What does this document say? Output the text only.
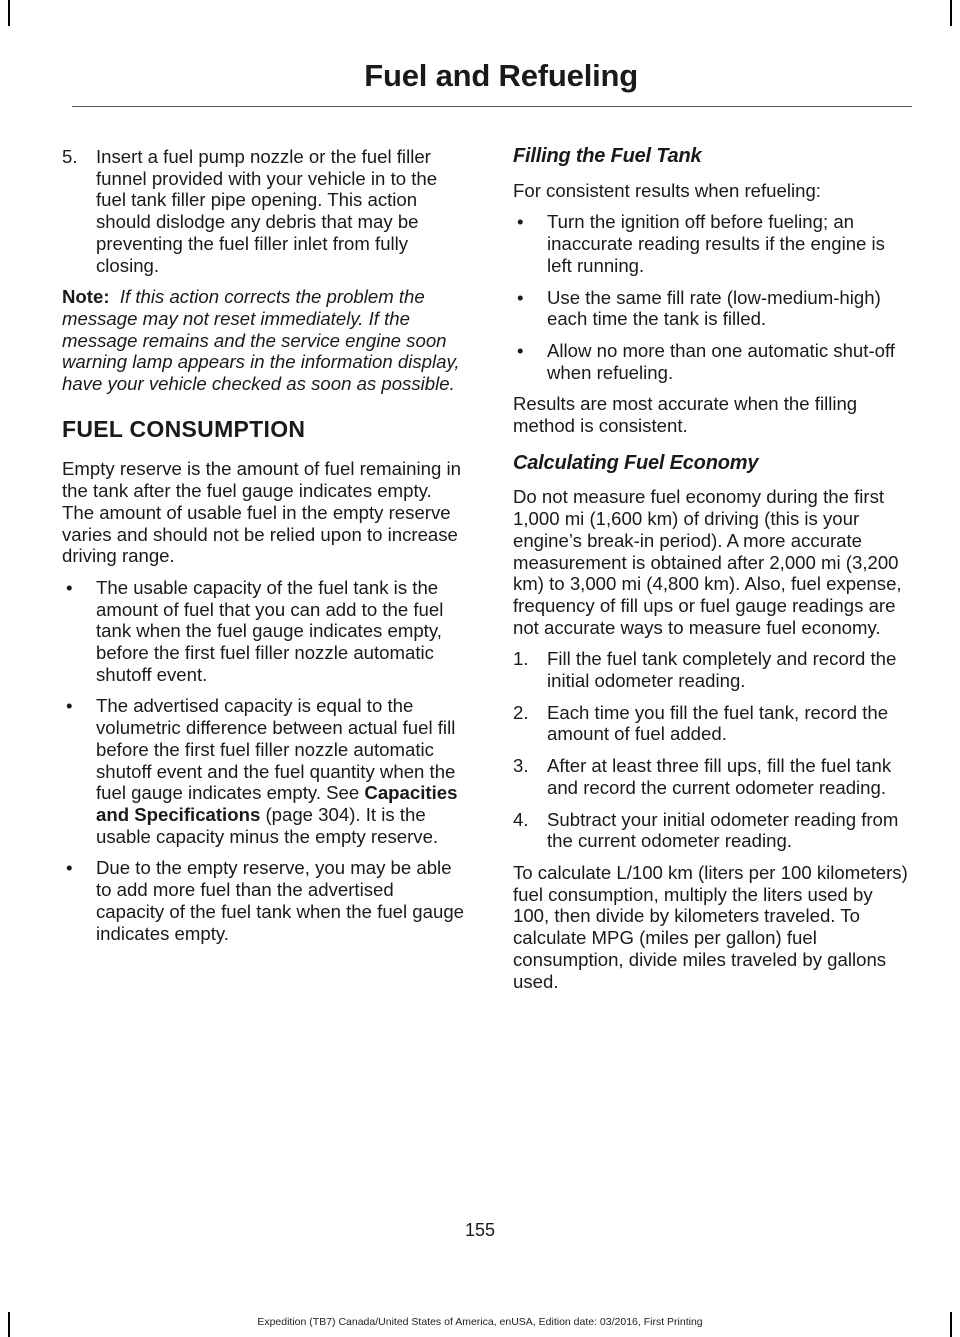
Fuel and Refueling
5. Insert a fuel pump nozzle or the fuel filler funnel provided with your vehicle in to the fuel tank filler pipe opening. This action should dislodge any debris that may be preventing the fuel filler inlet from fully closing.

Note: If this action corrects the problem the message may not reset immediately. If the message remains and the service engine soon warning lamp appears in the information display, have your vehicle checked as soon as possible.

FUEL CONSUMPTION

Empty reserve is the amount of fuel remaining in the tank after the fuel gauge indicates empty. The amount of usable fuel in the empty reserve varies and should not be relied upon to increase driving range.

• The usable capacity of the fuel tank is the amount of fuel that you can add to the fuel tank when the fuel gauge indicates empty, before the first fuel filler nozzle automatic shutoff event.
• The advertised capacity is equal to the volumetric difference between actual fuel fill before the first fuel filler nozzle automatic shutoff event and the fuel quantity when the fuel gauge indicates empty. See Capacities and Specifications (page 304). It is the usable capacity minus the empty reserve.
• Due to the empty reserve, you may be able to add more fuel than the advertised capacity of the fuel tank when the fuel gauge indicates empty.
Filling the Fuel Tank

For consistent results when refueling:

• Turn the ignition off before fueling; an inaccurate reading results if the engine is left running.
• Use the same fill rate (low-medium-high) each time the tank is filled.
• Allow no more than one automatic shut-off when refueling.

Results are most accurate when the filling method is consistent.

Calculating Fuel Economy

Do not measure fuel economy during the first 1,000 mi (1,600 km) of driving (this is your engine’s break-in period). A more accurate measurement is obtained after 2,000 mi (3,200 km) to 3,000 mi (4,800 km). Also, fuel expense, frequency of fill ups or fuel gauge readings are not accurate ways to measure fuel economy.

1. Fill the fuel tank completely and record the initial odometer reading.
2. Each time you fill the fuel tank, record the amount of fuel added.
3. After at least three fill ups, fill the fuel tank and record the current odometer reading.
4. Subtract your initial odometer reading from the current odometer reading.

To calculate L/100 km (liters per 100 kilometers) fuel consumption, multiply the liters used by 100, then divide by kilometers traveled. To calculate MPG (miles per gallon) fuel consumption, divide miles traveled by gallons used.

155
Expedition (TB7) Canada/United States of America, enUSA, Edition date: 03/2016, First Printing
